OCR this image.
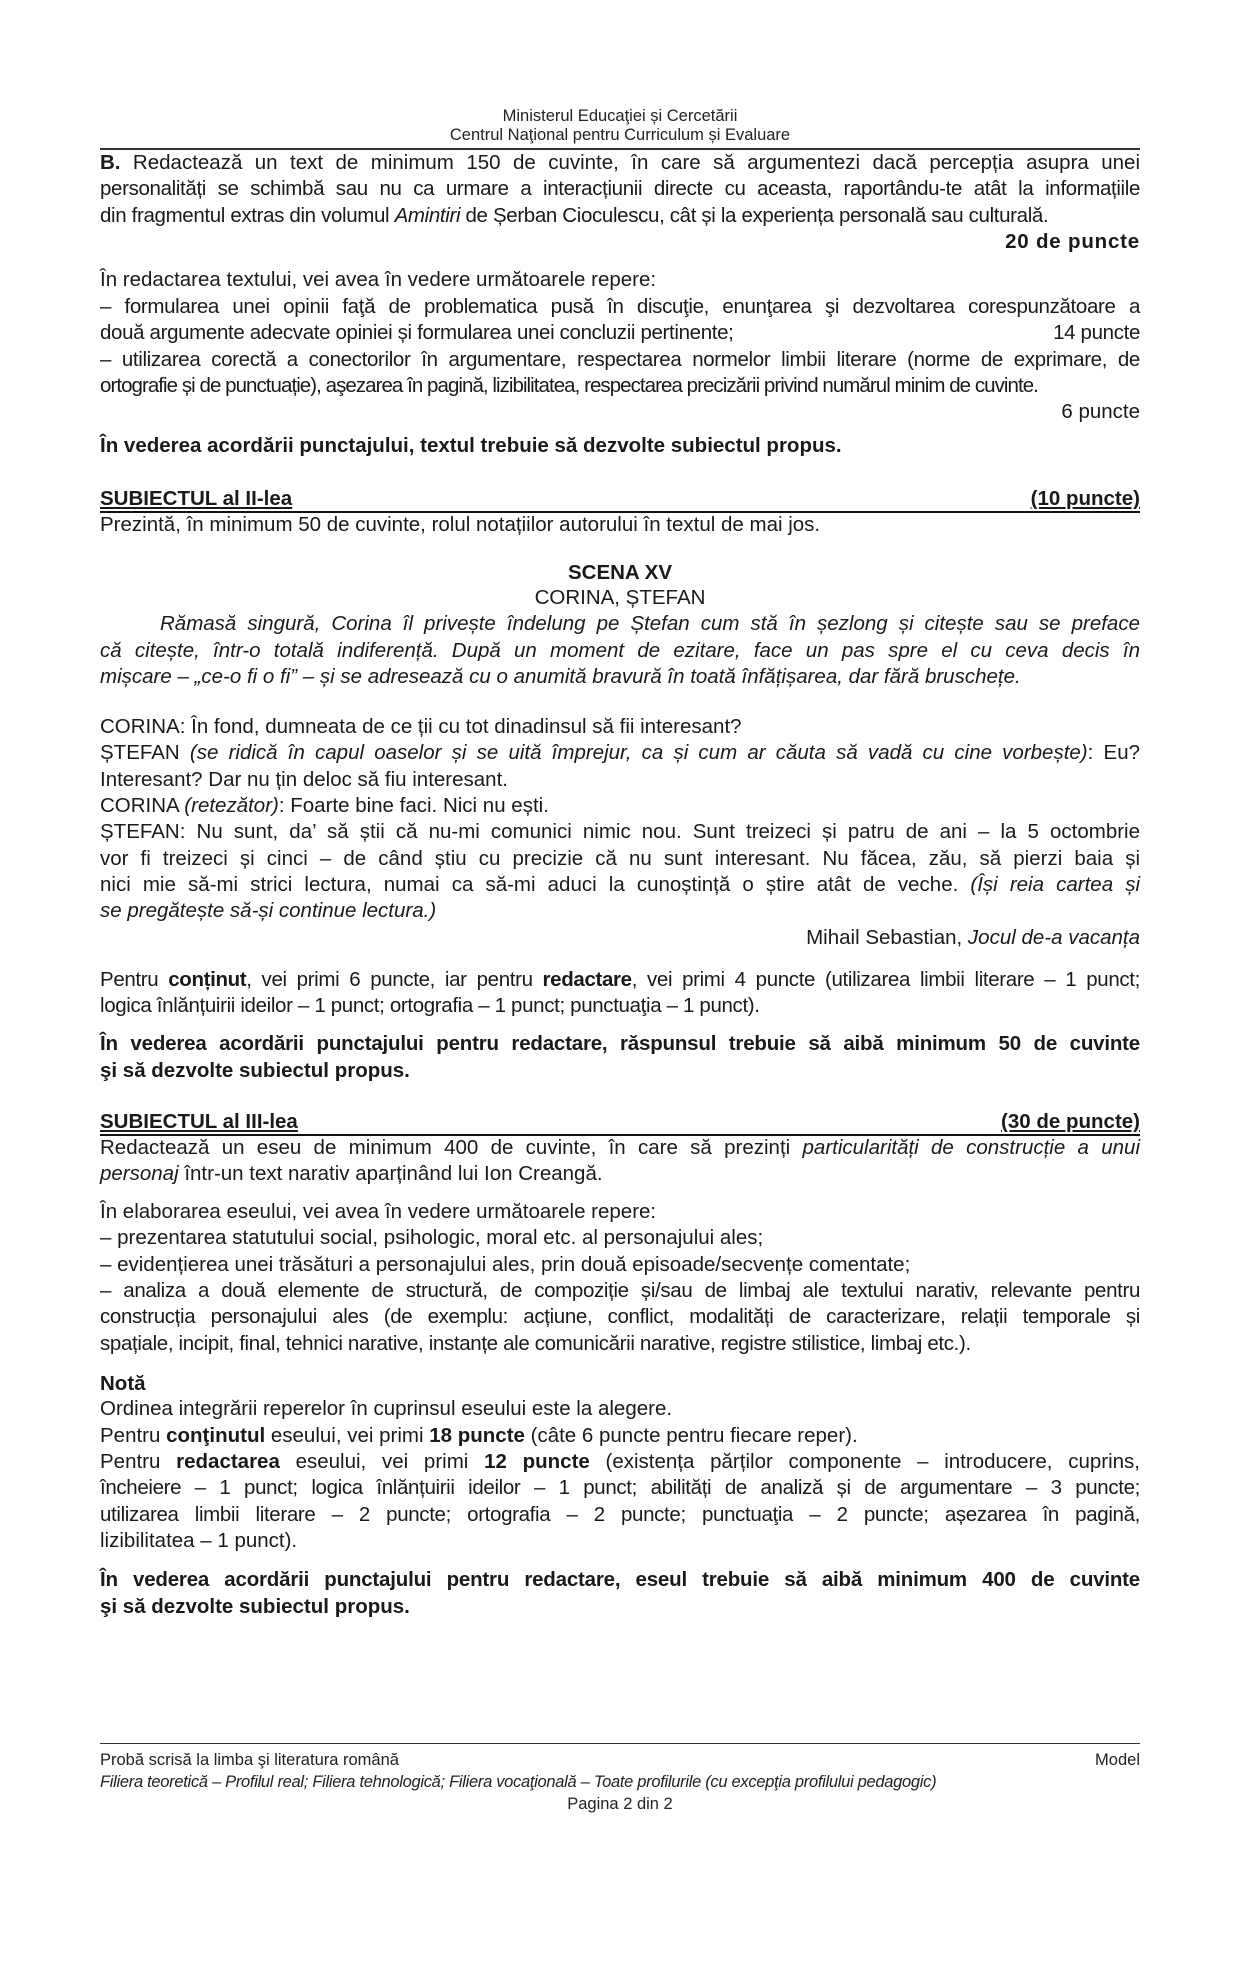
Ministerul Educaţiei și Cercetării
Centrul Naţional pentru Curriculum și Evaluare
B. Redactează un text de minimum 150 de cuvinte, în care să argumentezi dacă percepția asupra unei
personalități se schimbă sau nu ca urmare a interacțiunii directe cu aceasta, raportându-te atât la informațiile
din fragmentul extras din volumul Amintiri de Șerban Cioculescu, cât și la experiența personală sau culturală.
20 de puncte
În redactarea textului, vei avea în vedere următoarele repere:
– formularea unei opinii faţă de problematica pusă în discuţie, enunţarea şi dezvoltarea corespunzătoare a
două argumente adecvate opiniei și formularea unei concluzii pertinente;	14 puncte
– utilizarea corectă a conectorilor în argumentare, respectarea normelor limbii literare (norme de exprimare, de
ortografie și de punctuație), aşezarea în pagină, lizibilitatea, respectarea precizării privind numărul minim de cuvinte.
6 puncte
În vederea acordării punctajului, textul trebuie să dezvolte subiectul propus.
SUBIECTUL al II-lea	(10 puncte)
Prezintă, în minimum 50 de cuvinte, rolul notațiilor autorului în textul de mai jos.
SCENA XV
CORINA, ȘTEFAN
Rămasă singură, Corina îl privește îndelung pe Ștefan cum stă în șezlong și citește sau se preface
că citește, într-o totală indiferență. După un moment de ezitare, face un pas spre el cu ceva decis în
mișcare – „ce-o fi o fi” – și se adresează cu o anumită bravură în toată înfățișarea, dar fără bruschețe.
CORINA: În fond, dumneata de ce ții cu tot dinadinsul să fii interesant?
ȘTEFAN (se ridică în capul oaselor și se uită împrejur, ca și cum ar căuta să vadă cu cine vorbește): Eu?
Interesant? Dar nu țin deloc să fiu interesant.
CORINA (retezător): Foarte bine faci. Nici nu ești.
ȘTEFAN: Nu sunt, da’ să știi că nu-mi comunici nimic nou. Sunt treizeci și patru de ani – la 5 octombrie
vor fi treizeci și cinci – de când știu cu precizie că nu sunt interesant. Nu făcea, zău, să pierzi baia și
nici mie să-mi strici lectura, numai ca să-mi aduci la cunoștință o știre atât de veche. (Își reia cartea și
se pregătește să-și continue lectura.)
Mihail Sebastian, Jocul de-a vacanța
Pentru conținut, vei primi 6 puncte, iar pentru redactare, vei primi 4 puncte (utilizarea limbii literare – 1 punct;
logica înlănțuirii ideilor – 1 punct; ortografia – 1 punct; punctuaţia – 1 punct).
În vederea acordării punctajului pentru redactare, răspunsul trebuie să aibă minimum 50 de cuvinte
şi să dezvolte subiectul propus.
SUBIECTUL al III-lea	(30 de puncte)
Redactează un eseu de minimum 400 de cuvinte, în care să prezinți particularități de construcție a unui
personaj într-un text narativ aparținând lui Ion Creangă.
În elaborarea eseului, vei avea în vedere următoarele repere:
– prezentarea statutului social, psihologic, moral etc. al personajului ales;
– evidențierea unei trăsături a personajului ales, prin două episoade/secvențe comentate;
– analiza a două elemente de structură, de compoziție și/sau de limbaj ale textului narativ, relevante pentru
construcția personajului ales (de exemplu: acțiune, conflict, modalități de caracterizare, relații temporale și
spațiale, incipit, final, tehnici narative, instanțe ale comunicării narative, registre stilistice, limbaj etc.).
Notă
Ordinea integrării reperelor în cuprinsul eseului este la alegere.
Pentru conţinutul eseului, vei primi 18 puncte (câte 6 puncte pentru fiecare reper).
Pentru redactarea eseului, vei primi 12 puncte (existența părților componente – introducere, cuprins,
încheiere – 1 punct; logica înlănțuirii ideilor – 1 punct; abilități de analiză și de argumentare – 3 puncte;
utilizarea limbii literare – 2 puncte; ortografia – 2 puncte; punctuaţia – 2 puncte; așezarea în pagină,
lizibilitatea – 1 punct).
În vederea acordării punctajului pentru redactare, eseul trebuie să aibă minimum 400 de cuvinte
şi să dezvolte subiectul propus.
Probă scrisă la limba şi literatura română	Model
Filiera teoretică – Profilul real; Filiera tehnologică; Filiera vocaţională – Toate profilurile (cu excepţia profilului pedagogic)
Pagina 2 din 2
